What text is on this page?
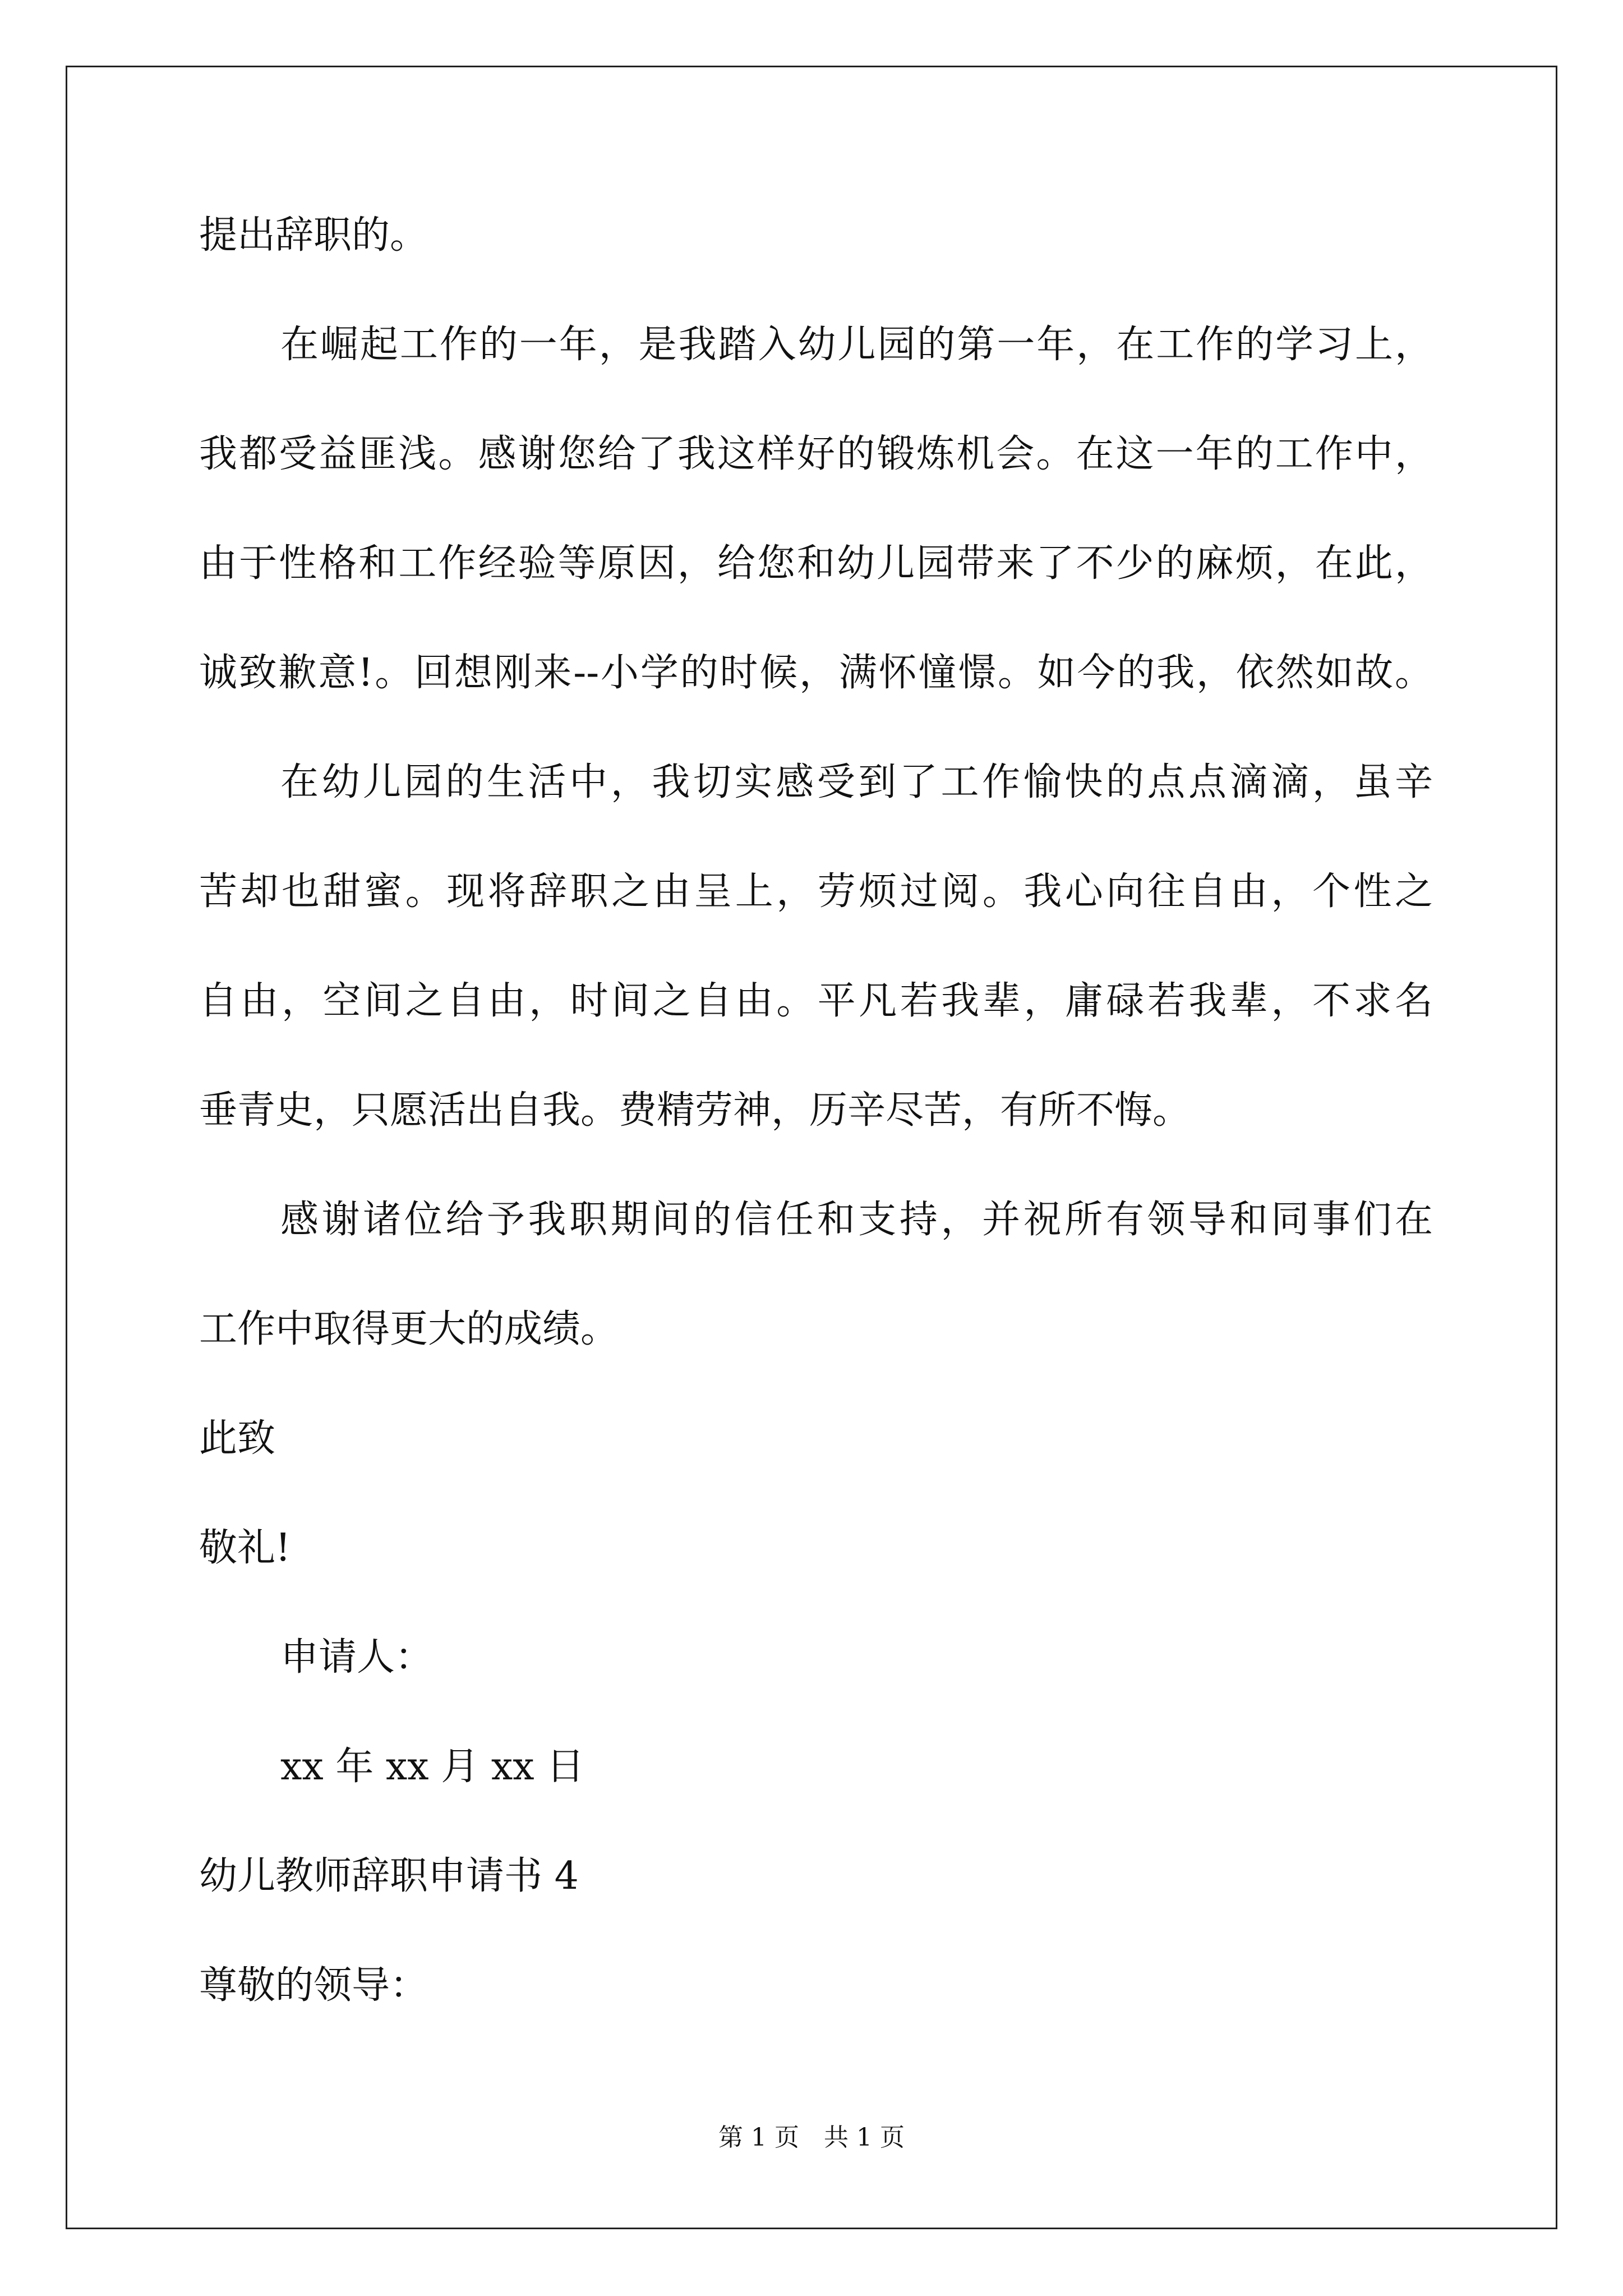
提出辞职的。
在崛起工作的一年，是我踏入幼儿园的第一年，在工作的学习上，
我都受益匪浅。感谢您给了我这样好的锻炼机会。在这一年的工作中，
由于性格和工作经验等原因，给您和幼儿园带来了不少的麻烦，在此，
诚致歉意!。回想刚来--小学的时候，满怀憧憬。如今的我，依然如故。
在幼儿园的生活中，我切实感受到了工作愉快的点点滴滴，虽辛
苦却也甜蜜。现将辞职之由呈上，劳烦过阅。我心向往自由，个性之
自由，空间之自由，时间之自由。平凡若我辈，庸碌若我辈，不求名
垂青史，只愿活出自我。费精劳神，历辛尽苦，有所不悔。
感谢诸位给予我职期间的信任和支持，并祝所有领导和同事们在
工作中取得更大的成绩。
此致
敬礼!
申请人：
xx 年 xx 月 xx 日
幼儿教师辞职申请书 4
尊敬的领导：
第 1 页　共 1 页
